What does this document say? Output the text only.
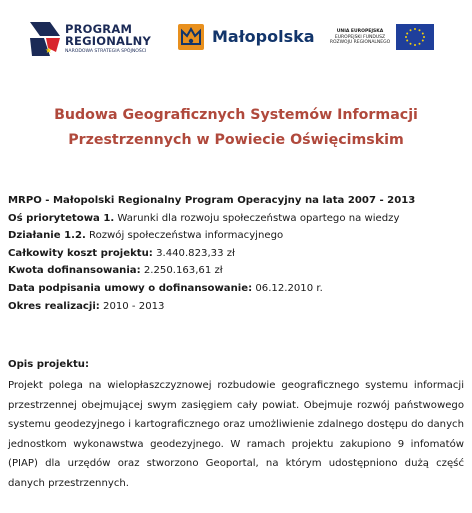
★
PROGRAM
REGIONALNY
NARODOWA STRATEGIA SPÓJNOŚCI
Małopolska	UNIA EUROPEJSKA
EUROPEJSKI FUNDUSZ
ROZWOJU REGIONALNEGO
Budowa Geograficznych Systemów Informacji
Przestrzennych w Powiecie Oświęcimskim
MRPO - Małopolski Regionalny Program Operacyjny na lata 2007 - 2013
Oś priorytetowa 1. Warunki dla rozwoju społeczeństwa opartego na wiedzy
Działanie 1.2. Rozwój społeczeństwa informacyjnego
Całkowity koszt projektu: 3.440.823,33 zł
Kwota dofinansowania: 2.250.163,61 zł
Data podpisania umowy o dofinansowanie: 06.12.2010 r.
Okres realizacji: 2010 - 2013
Opis projektu:
Projekt polega na wielopłaszczyznowej rozbudowie geograficznego systemu informacji przestrzennej obejmującej swym zasięgiem cały powiat. Obejmuje rozwój państwowego systemu geodezyjnego i kartograficznego oraz umożliwienie zdalnego dostępu do danych jednostkom wykonawstwa geodezyjnego. W ramach projektu zakupiono 9 infomatów (PIAP) dla urzędów oraz stworzono Geoportal, na którym udostępniono dużą część danych przestrzennych.
